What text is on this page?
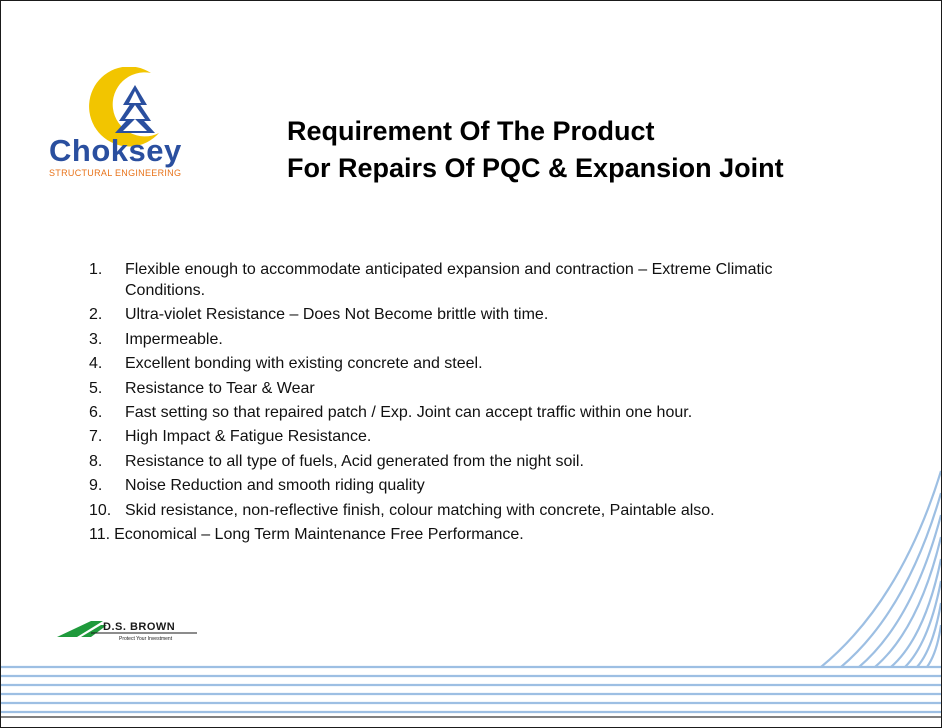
Choksey
STRUCTURAL ENGINEERING
Requirement Of The Product
For Repairs Of PQC & Expansion Joint
1.	Flexible enough to accommodate anticipated expansion and contraction – Extreme Climatic Conditions.
2.	Ultra-violet Resistance – Does Not Become brittle with time.
3.	Impermeable.
4.	Excellent bonding with existing concrete and steel.
5.	Resistance to Tear & Wear
6.	Fast setting so that repaired patch / Exp. Joint can accept traffic within one hour.
7.	High Impact & Fatigue Resistance.
8.	Resistance to all type of fuels, Acid generated from the night soil.
9.	Noise Reduction and smooth riding quality
10. Skid resistance, non-reflective finish, colour matching with concrete, Paintable also.
11. Economical – Long Term Maintenance Free Performance.
D.S. BROWN
Protect Your Investment
